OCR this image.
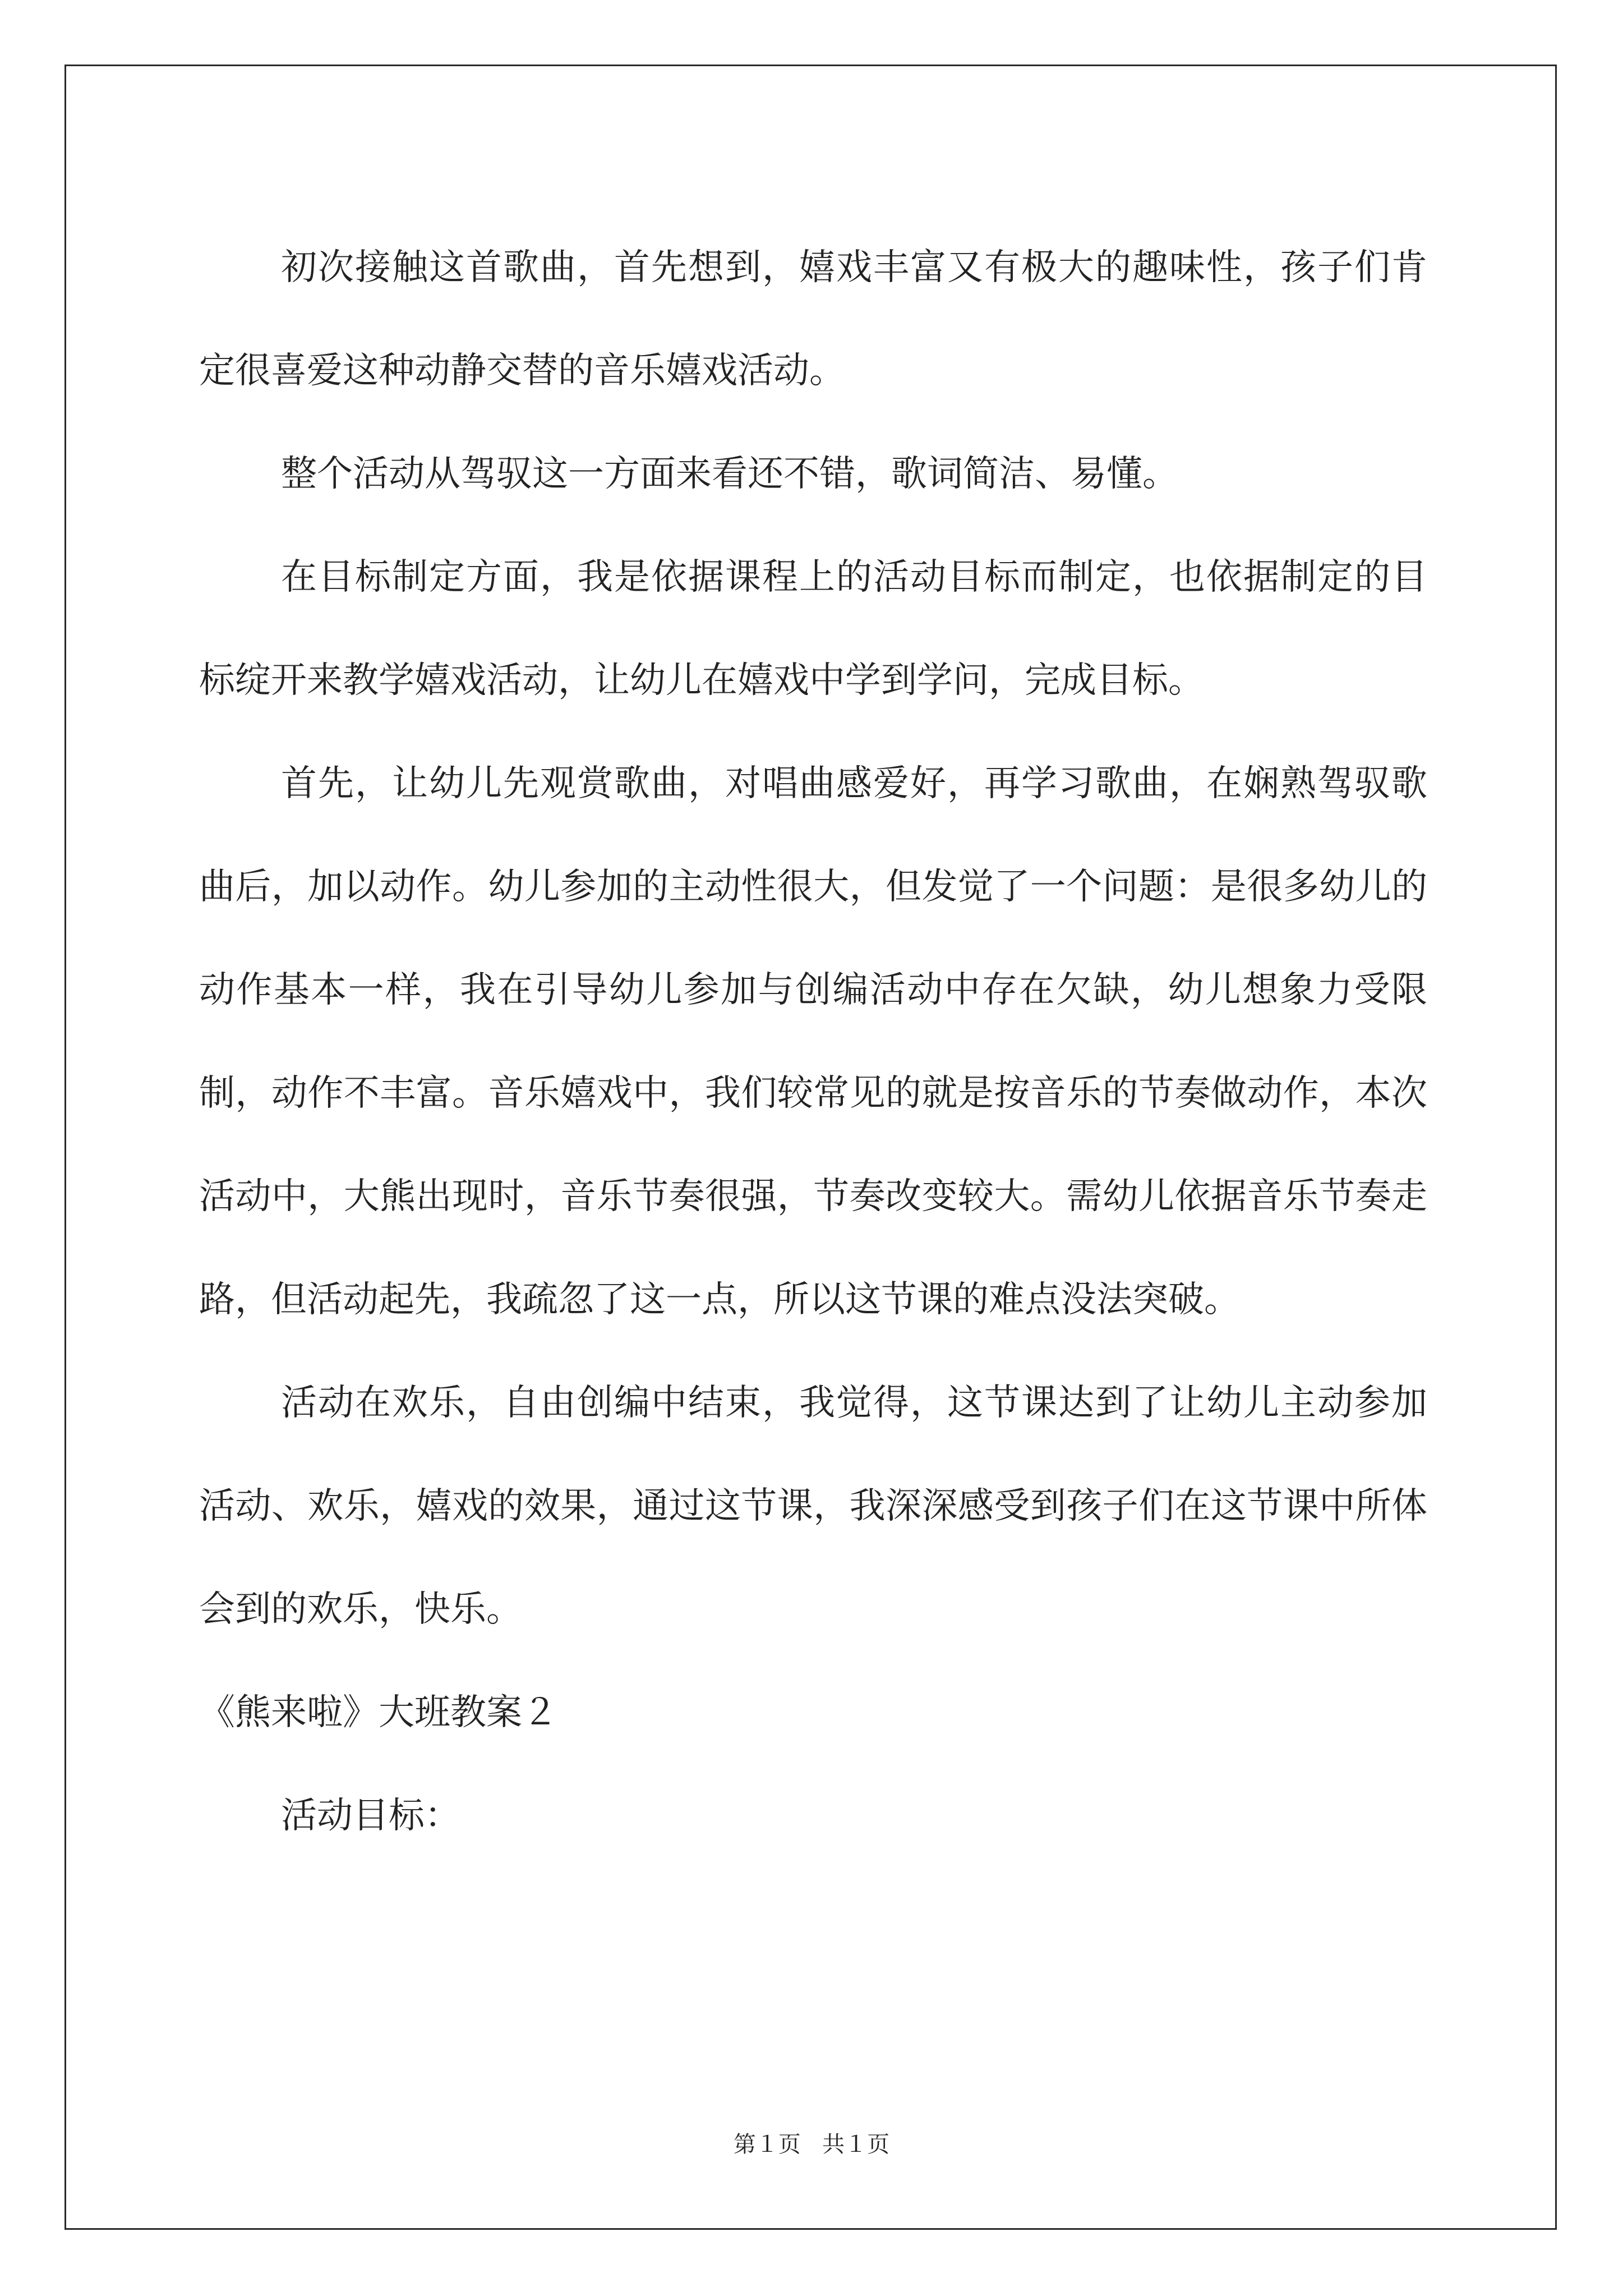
初次接触这首歌曲，首先想到，嬉戏丰富又有极大的趣味性，孩子们肯定很喜爱这种动静交替的音乐嬉戏活动。

整个活动从驾驭这一方面来看还不错，歌词简洁、易懂。

在目标制定方面，我是依据课程上的活动目标而制定，也依据制定的目标绽开来教学嬉戏活动，让幼儿在嬉戏中学到学问，完成目标。

首先，让幼儿先观赏歌曲，对唱曲感爱好，再学习歌曲，在娴熟驾驭歌曲后，加以动作。幼儿参加的主动性很大，但发觉了一个问题：是很多幼儿的动作基本一样，我在引导幼儿参加与创编活动中存在欠缺，幼儿想象力受限制，动作不丰富。音乐嬉戏中，我们较常见的就是按音乐的节奏做动作，本次活动中，大熊出现时，音乐节奏很强，节奏改变较大。需幼儿依据音乐节奏走路，但活动起先，我疏忽了这一点，所以这节课的难点没法突破。

活动在欢乐，自由创编中结束，我觉得，这节课达到了让幼儿主动参加活动、欢乐，嬉戏的效果，通过这节课，我深深感受到孩子们在这节课中所体会到的欢乐，快乐。

《熊来啦》大班教案２

活动目标：

第１页   共１页
